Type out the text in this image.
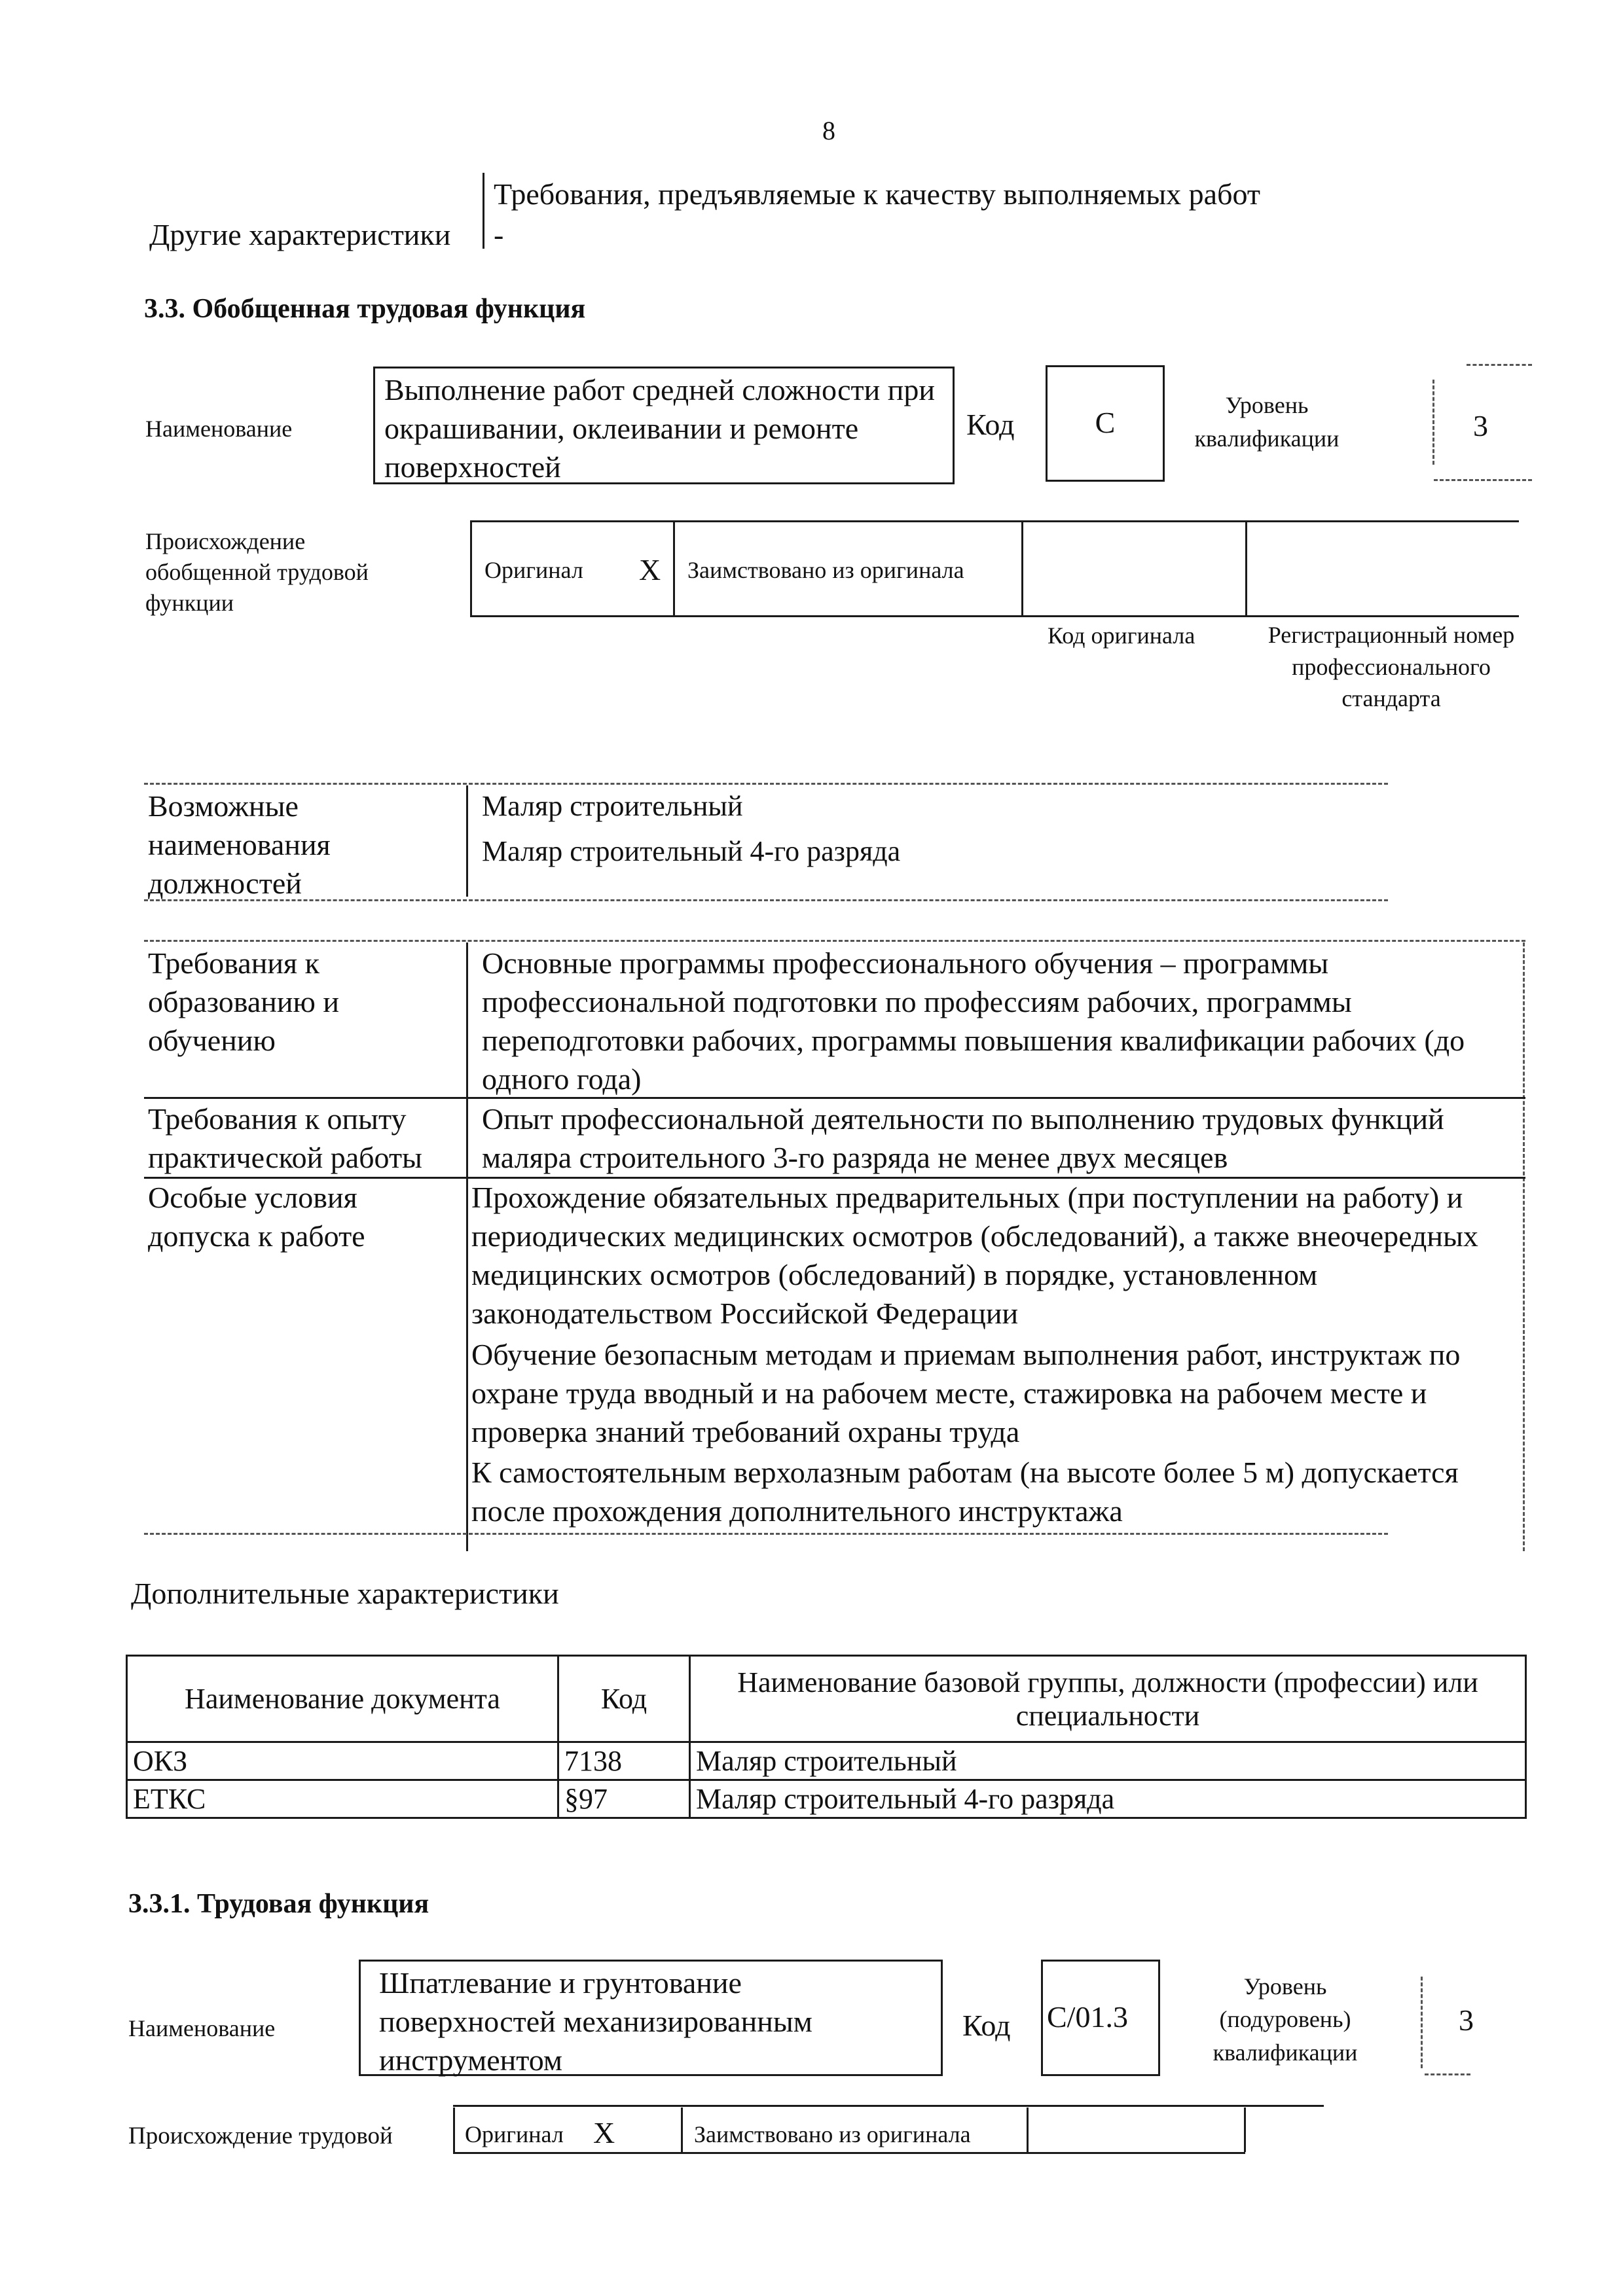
8
Требования, предъявляемые к качеству выполняемых работ
Другие характеристики -
3.3. Обобщенная трудовая функция
Наименование
Выполнение работ средней сложности при окрашивании, оклеивании и ремонте поверхностей
Код	C
Уровень квалификации	3
Происхождение обобщенной трудовой функции
Оригинал X Заимствовано из оригинала
Код оригинала	Регистрационный номер профессионального стандарта
Возможные наименования должностей
Маляр строительный
Маляр строительный 4-го разряда
Требования к образованию и обучению
Основные программы профессионального обучения – программы профессиональной подготовки по профессиям рабочих, программы переподготовки рабочих, программы повышения квалификации рабочих (до одного года)
Требования к опыту практической работы
Опыт профессиональной деятельности по выполнению трудовых функций маляра строительного 3-го разряда не менее двух месяцев
Особые условия допуска к работе
Прохождение обязательных предварительных (при поступлении на работу) и периодических медицинских осмотров (обследований), а также внеочередных медицинских осмотров (обследований) в порядке, установленном законодательством Российской Федерации
Обучение безопасным методам и приемам выполнения работ, инструктаж по охране труда вводный и на рабочем месте, стажировка на рабочем месте и проверка знаний требований охраны труда
К самостоятельным верхолазным работам (на высоте более 5 м) допускается после прохождения дополнительного инструктажа
Дополнительные характеристики
Наименование документа	Код	Наименование базовой группы, должности (профессии) или специальности
ОКЗ	7138	Маляр строительный
ЕТКС	§97	Маляр строительный 4-го разряда
3.3.1. Трудовая функция
Наименование
Шпатлевание и грунтование поверхностей механизированным инструментом
Код C/01.3
Уровень (подуровень) квалификации
3
Происхождение трудовой	Оригинал X	Заимствовано из оригинала
